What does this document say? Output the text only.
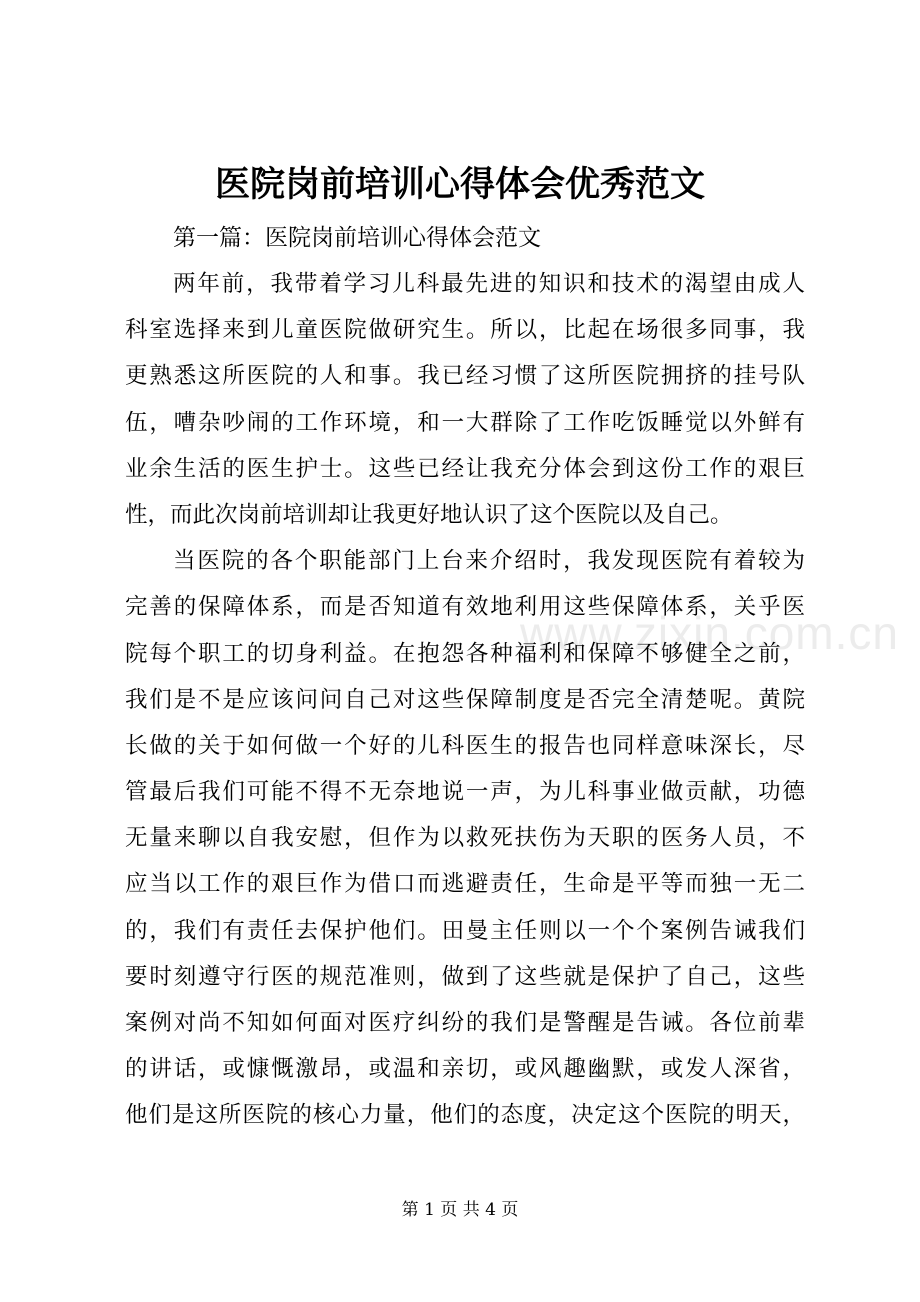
www.zixin.com.cn
医院岗前培训心得体会优秀范文
第一篇：医院岗前培训心得体会范文
两年前，我带着学习儿科最先进的知识和技术的渴望由成人
科室选择来到儿童医院做研究生。所以，比起在场很多同事，我
更熟悉这所医院的人和事。我已经习惯了这所医院拥挤的挂号队
伍，嘈杂吵闹的工作环境，和一大群除了工作吃饭睡觉以外鲜有
业余生活的医生护士。这些已经让我充分体会到这份工作的艰巨
性，而此次岗前培训却让我更好地认识了这个医院以及自己。
当医院的各个职能部门上台来介绍时，我发现医院有着较为
完善的保障体系，而是否知道有效地利用这些保障体系，关乎医
院每个职工的切身利益。在抱怨各种福利和保障不够健全之前，
我们是不是应该问问自己对这些保障制度是否完全清楚呢。黄院
长做的关于如何做一个好的儿科医生的报告也同样意味深长，尽
管最后我们可能不得不无奈地说一声，为儿科事业做贡献，功德
无量来聊以自我安慰，但作为以救死扶伤为天职的医务人员，不
应当以工作的艰巨作为借口而逃避责任，生命是平等而独一无二
的，我们有责任去保护他们。田曼主任则以一个个案例告诫我们
要时刻遵守行医的规范准则，做到了这些就是保护了自己，这些
案例对尚不知如何面对医疗纠纷的我们是警醒是告诫。各位前辈
的讲话，或慷慨激昂，或温和亲切，或风趣幽默，或发人深省，
他们是这所医院的核心力量，他们的态度，决定这个医院的明天，
第 1 页 共 4 页
